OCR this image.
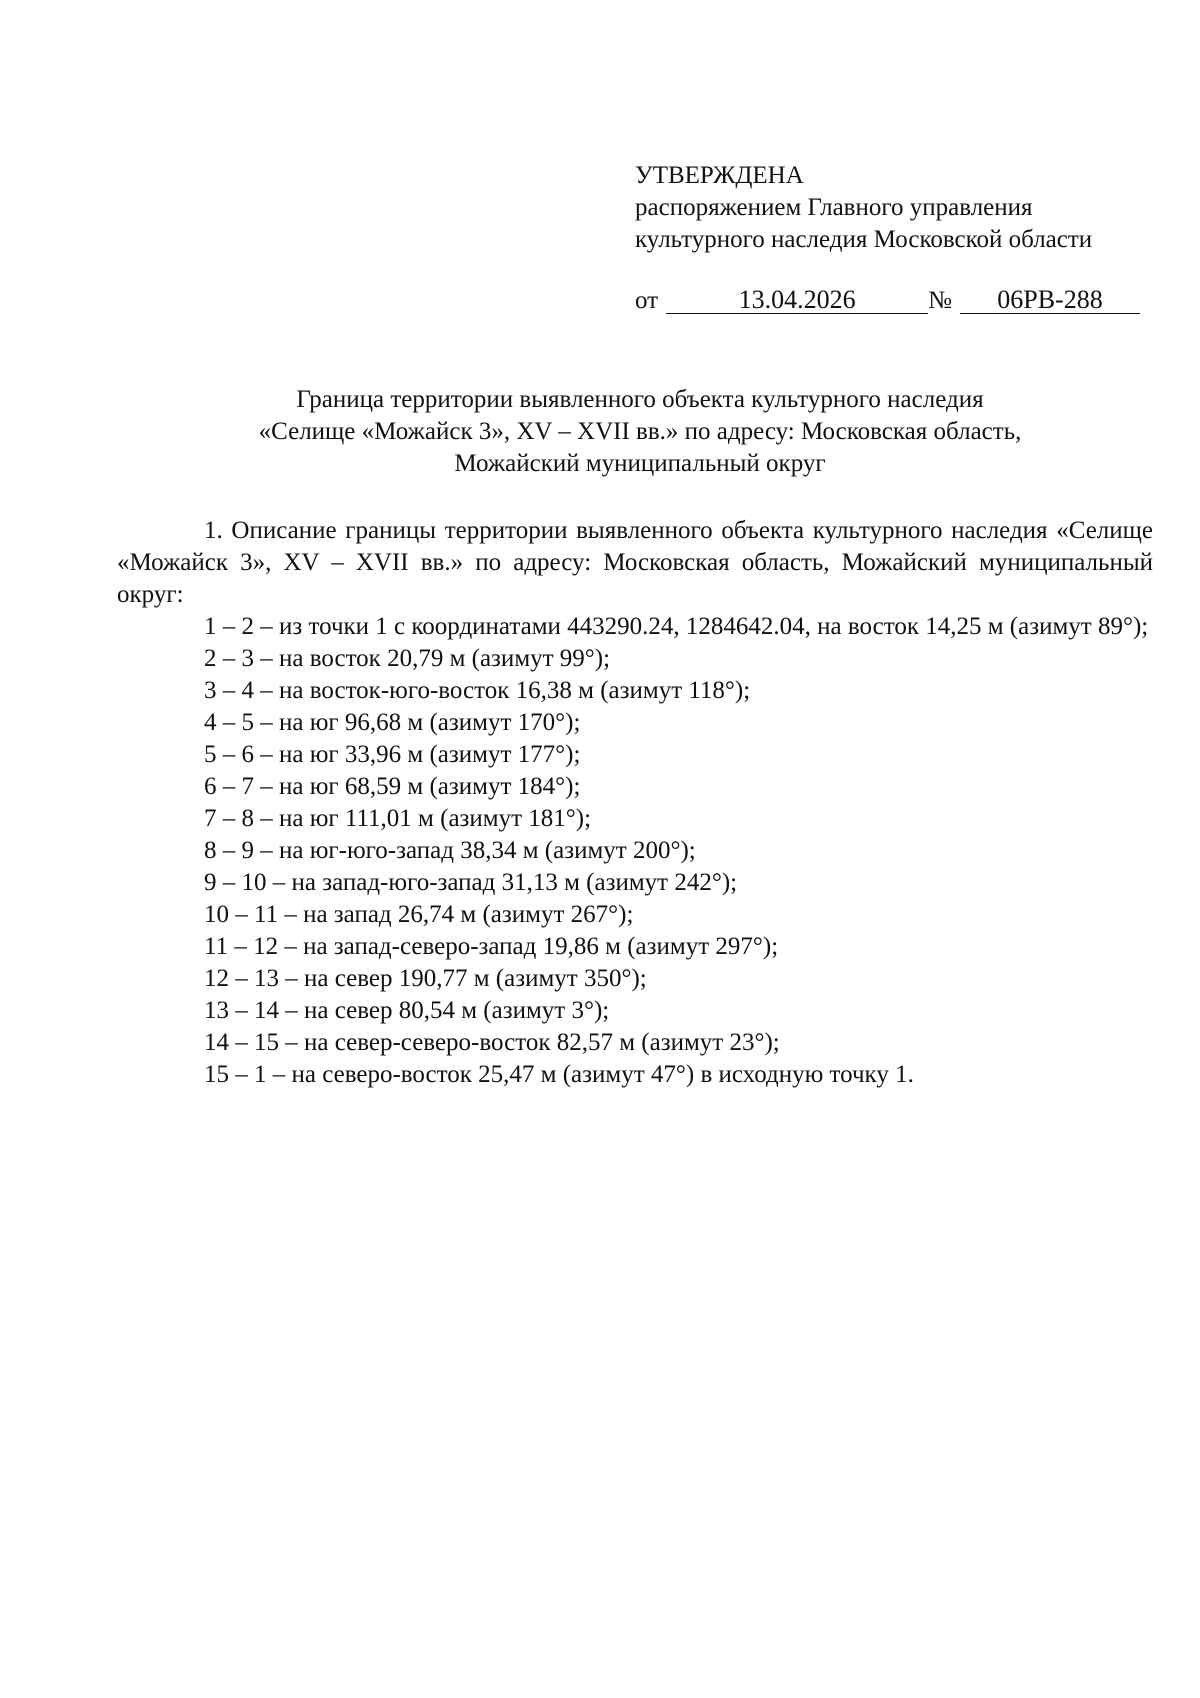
УТВЕРЖДЕНА
распоряжением Главного управления
культурного наследия Московской области
от	13.04.2026	№ 06РВ-288
Граница территории выявленного объекта культурного наследия
«Селище «Можайск 3», XV – XVII вв.» по адресу: Московская область,
Можайский муниципальный округ

1. Описание границы территории выявленного объекта культурного наследия «Селище «Можайск 3», XV – XVII вв.» по адресу: Московская область, Можайский муниципальный округ:

1 – 2 – из точки 1 с координатами 443290.24, 1284642.04, на восток 14,25 м (азимут 89°);

2 – 3 – на восток 20,79 м (азимут 99°);

3 – 4 – на восток-юго-восток 16,38 м (азимут 118°);

4 – 5 – на юг 96,68 м (азимут 170°);

5 – 6 – на юг 33,96 м (азимут 177°);

6 – 7 – на юг 68,59 м (азимут 184°);

7 – 8 – на юг 111,01 м (азимут 181°);

8 – 9 – на юг-юго-запад 38,34 м (азимут 200°);

9 – 10 – на запад-юго-запад 31,13 м (азимут 242°);

10 – 11 – на запад 26,74 м (азимут 267°);

11 – 12 – на запад-северо-запад 19,86 м (азимут 297°);

12 – 13 – на север 190,77 м (азимут 350°);

13 – 14 – на север 80,54 м (азимут 3°);

14 – 15 – на север-северо-восток 82,57 м (азимут 23°);

15 – 1 – на северо-восток 25,47 м (азимут 47°) в исходную точку 1.
